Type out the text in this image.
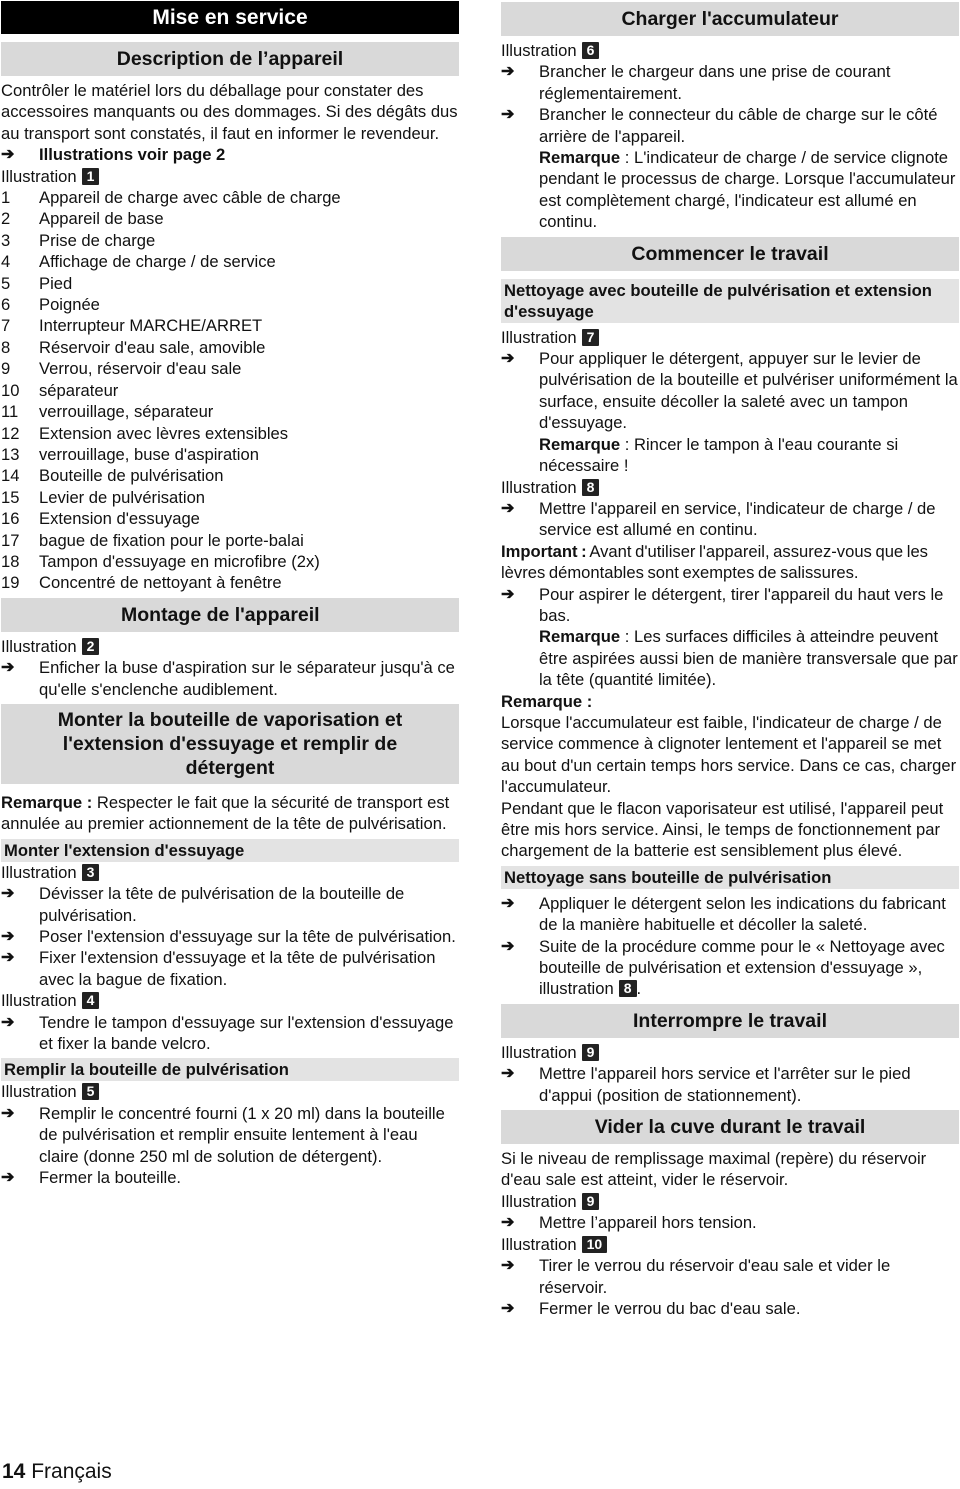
Mise en service
Description de l’appareil

Contrôler le matériel lors du déballage pour constater des accessoires manquants ou des dommages. Si des dégâts dus au transport sont constatés, il faut en informer le revendeur.

➔ Illustrations voir page 2

Illustration 1

1	Appareil de charge avec câble de charge
2	Appareil de base
3	Prise de charge
4	Affichage de charge / de service
5	Pied
6	Poignée
7	Interrupteur MARCHE/ARRET
8	Réservoir d'eau sale, amovible
9	Verrou, réservoir d'eau sale
10	séparateur
11	verrouillage, séparateur
12	Extension avec lèvres extensibles
13	verrouillage, buse d'aspiration
14	Bouteille de pulvérisation
15	Levier de pulvérisation
16	Extension d'essuyage
17	bague de fixation pour le porte-balai
18	Tampon d'essuyage en microfibre (2x)
19	Concentré de nettoyant à fenêtre
Montage de l'appareil

Illustration 2

➔ Enficher la buse d'aspiration sur le séparateur jusqu'à ce qu'elle s'enclenche audiblement.
Monter la bouteille de vaporisation et l'extension d'essuyage et remplir de détergent

Remarque : Respecter le fait que la sécurité de transport est annulée au premier actionnement de la tête de pulvérisation.

Monter l'extension d'essuyage

Illustration 3

➔ Dévisser la tête de pulvérisation de la bouteille de pulvérisation.
➔ Poser l'extension d'essuyage sur la tête de pulvérisation.
➔ Fixer l'extension d'essuyage et la tête de pulvérisation avec la bague de fixation.

Illustration 4

➔ Tendre le tampon d'essuyage sur l'extension d'essuyage et fixer la bande velcro.
Remplir la bouteille de pulvérisation

Illustration 5

➔ Remplir le concentré fourni (1 x 20 ml) dans la bouteille de pulvérisation et remplir ensuite lentement à l'eau claire (donne 250 ml de solution de détergent).
➔ Fermer la bouteille.
Charger l'accumulateur

Illustration 6

➔ Brancher le chargeur dans une prise de courant réglementairement.
➔ Brancher le connecteur du câble de charge sur le côté arrière de l'appareil.
Remarque : L'indicateur de charge / de service clignote pendant le processus de charge. Lorsque l'accumulateur est complètement chargé, l'indicateur est allumé en continu.
Commencer le travail
Nettoyage avec bouteille de pulvérisation et extension d'essuyage

Illustration 7

➔ Pour appliquer le détergent, appuyer sur le levier de pulvérisation de la bouteille et pulvériser uniformément la surface, ensuite décoller la saleté avec un tampon d'essuyage.
Remarque : Rincer le tampon à l'eau courante si nécessaire !

Illustration 8

➔ Mettre l'appareil en service, l'indicateur de charge / de service est allumé en continu.

Important : Avant d'utiliser l'appareil, assurez-vous que les lèvres démontables sont exemptes de salissures.

➔ Pour aspirer le détergent, tirer l'appareil du haut vers le bas.
Remarque : Les surfaces difficiles à atteindre peuvent être aspirées aussi bien de manière transversale que par la tête (quantité limitée).

Remarque :

Lorsque l'accumulateur est faible, l'indicateur de charge / de service commence à clignoter lentement et l'appareil se met au bout d'un certain temps hors service. Dans ce cas, charger l'accumulateur.

Pendant que le flacon vaporisateur est utilisé, l'appareil peut être mis hors service. Ainsi, le temps de fonctionnement par chargement de la batterie est sensiblement plus élevé.

Nettoyage sans bouteille de pulvérisation
➔ Appliquer le détergent selon les indications du fabricant de la manière habituelle et décoller la saleté.
➔ Suite de la procédure comme pour le « Nettoyage avec bouteille de pulvérisation et extension d'essuyage », illustration 8 .
Interrompre le travail

Illustration 9

➔ Mettre l'appareil hors service et l'arrêter sur le pied d'appui (position de stationnement).
Vider la cuve durant le travail

Si le niveau de remplissage maximal (repère) du réservoir d'eau sale est atteint, vider le réservoir.

Illustration 9

➔ Mettre l’appareil hors tension.

Illustration 10

➔ Tirer le verrou du réservoir d'eau sale et vider le réservoir.
➔ Fermer le verrou du bac d'eau sale.
14 Français
